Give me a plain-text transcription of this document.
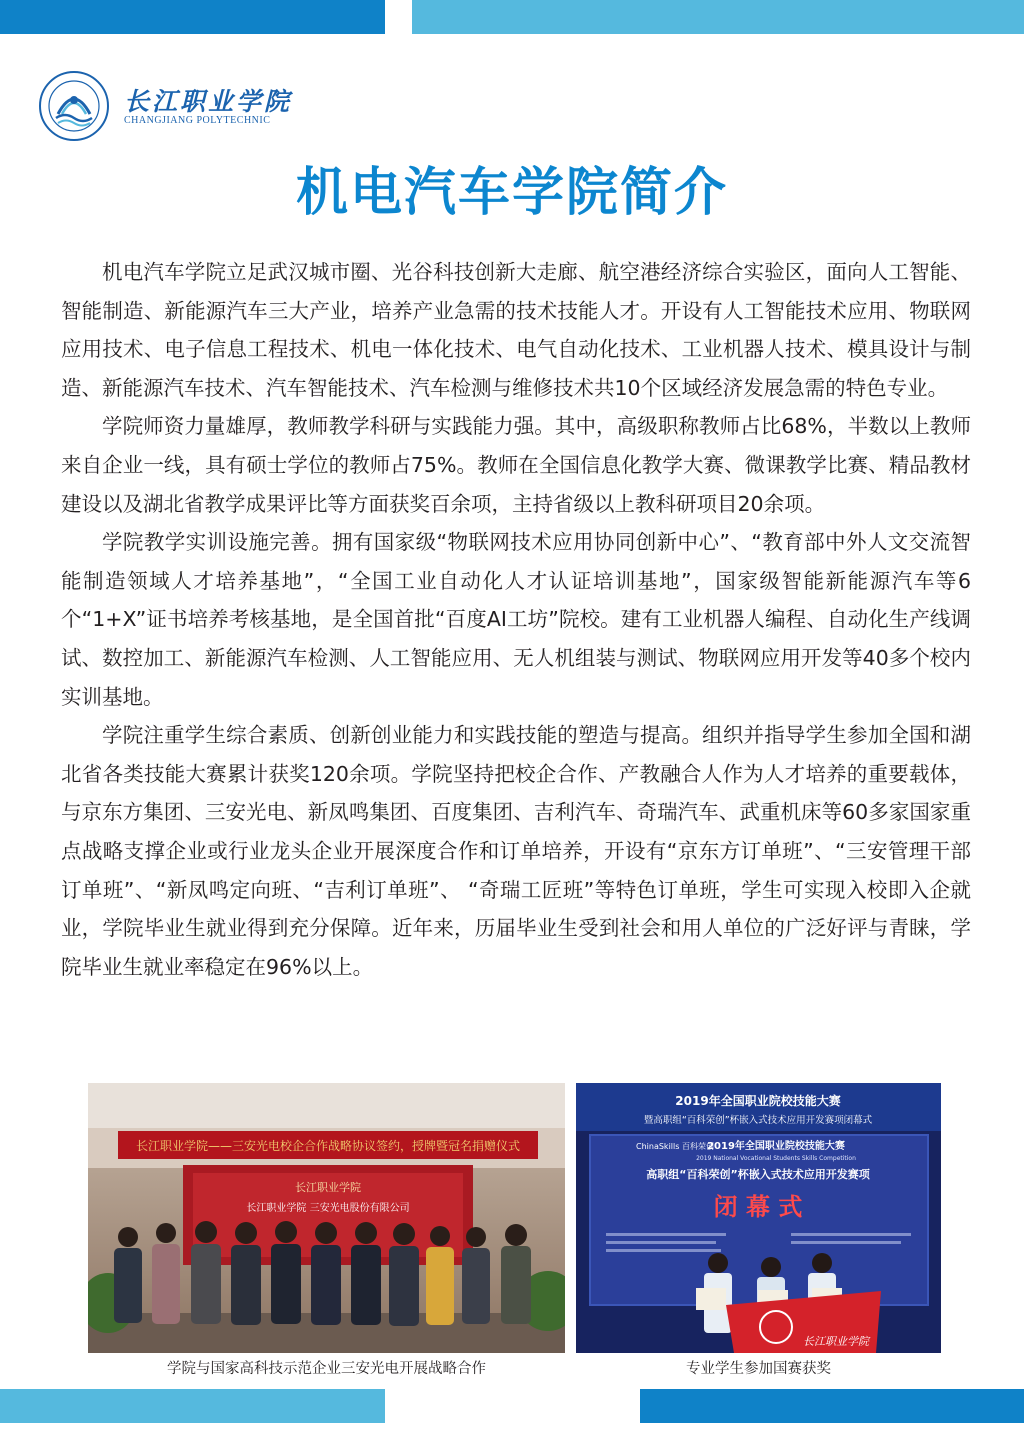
长江职业学院
CHANGJIANG POLYTECHNIC
机电汽车学院简介

机电汽车学院立足武汉城市圈、光谷科技创新大走廊、航空港经济综合实验区，面向人工智能、智能制造、新能源汽车三大产业，培养产业急需的技术技能人才。开设有人工智能技术应用、物联网应用技术、电子信息工程技术、机电一体化技术、电气自动化技术、工业机器人技术、模具设计与制造、新能源汽车技术、汽车智能技术、汽车检测与维修技术共10个区域经济发展急需的特色专业。

学院师资力量雄厚，教师教学科研与实践能力强。其中，高级职称教师占比68%，半数以上教师来自企业一线，具有硕士学位的教师占75%。教师在全国信息化教学大赛、微课教学比赛、精品教材建设以及湖北省教学成果评比等方面获奖百余项，主持省级以上教科研项目20余项。

学院教学实训设施完善。拥有国家级“物联网技术应用协同创新中心”、“教育部中外人文交流智能制造领域人才培养基地”，“全国工业自动化人才认证培训基地”，国家级智能新能源汽车等6个“1+X”证书培养考核基地，是全国首批“百度AI工坊”院校。建有工业机器人编程、自动化生产线调试、数控加工、新能源汽车检测、人工智能应用、无人机组装与测试、物联网应用开发等40多个校内实训基地。

学院注重学生综合素质、创新创业能力和实践技能的塑造与提高。组织并指导学生参加全国和湖北省各类技能大赛累计获奖120余项。学院坚持把校企合作、产教融合人作为人才培养的重要载体，与京东方集团、三安光电、新凤鸣集团、百度集团、吉利汽车、奇瑞汽车、武重机床等60多家国家重点战略支撑企业或行业龙头企业开展深度合作和订单培养，开设有“京东方订单班”、“三安管理干部订单班”、“新凤鸣定向班、“吉利订单班”、 “奇瑞工匠班”等特色订单班，学生可实现入校即入企就业，学院毕业生就业得到充分保障。近年来，历届毕业生受到社会和用人单位的广泛好评与青睐，学院毕业生就业率稳定在96%以上。

长江职业学院——三安光电校企合作战略协议签约，授牌暨冠名捐赠仪式
长江职业学院
长江职业学院 三安光电股份有限公司
2019年全国职业院校技能大赛
暨高职组“百科荣创”杯嵌入式技术应用开发赛项闭幕式
ChinaSkills 百科荣创
2019年全国职业院校技能大赛
2019 National Vocational Students Skills Competition
高职组“百科荣创”杯嵌入式技术应用开发赛项
闭 幕 式
长江职业学院
学院与国家高科技示范企业三安光电开展战略合作	专业学生参加国赛获奖
01
